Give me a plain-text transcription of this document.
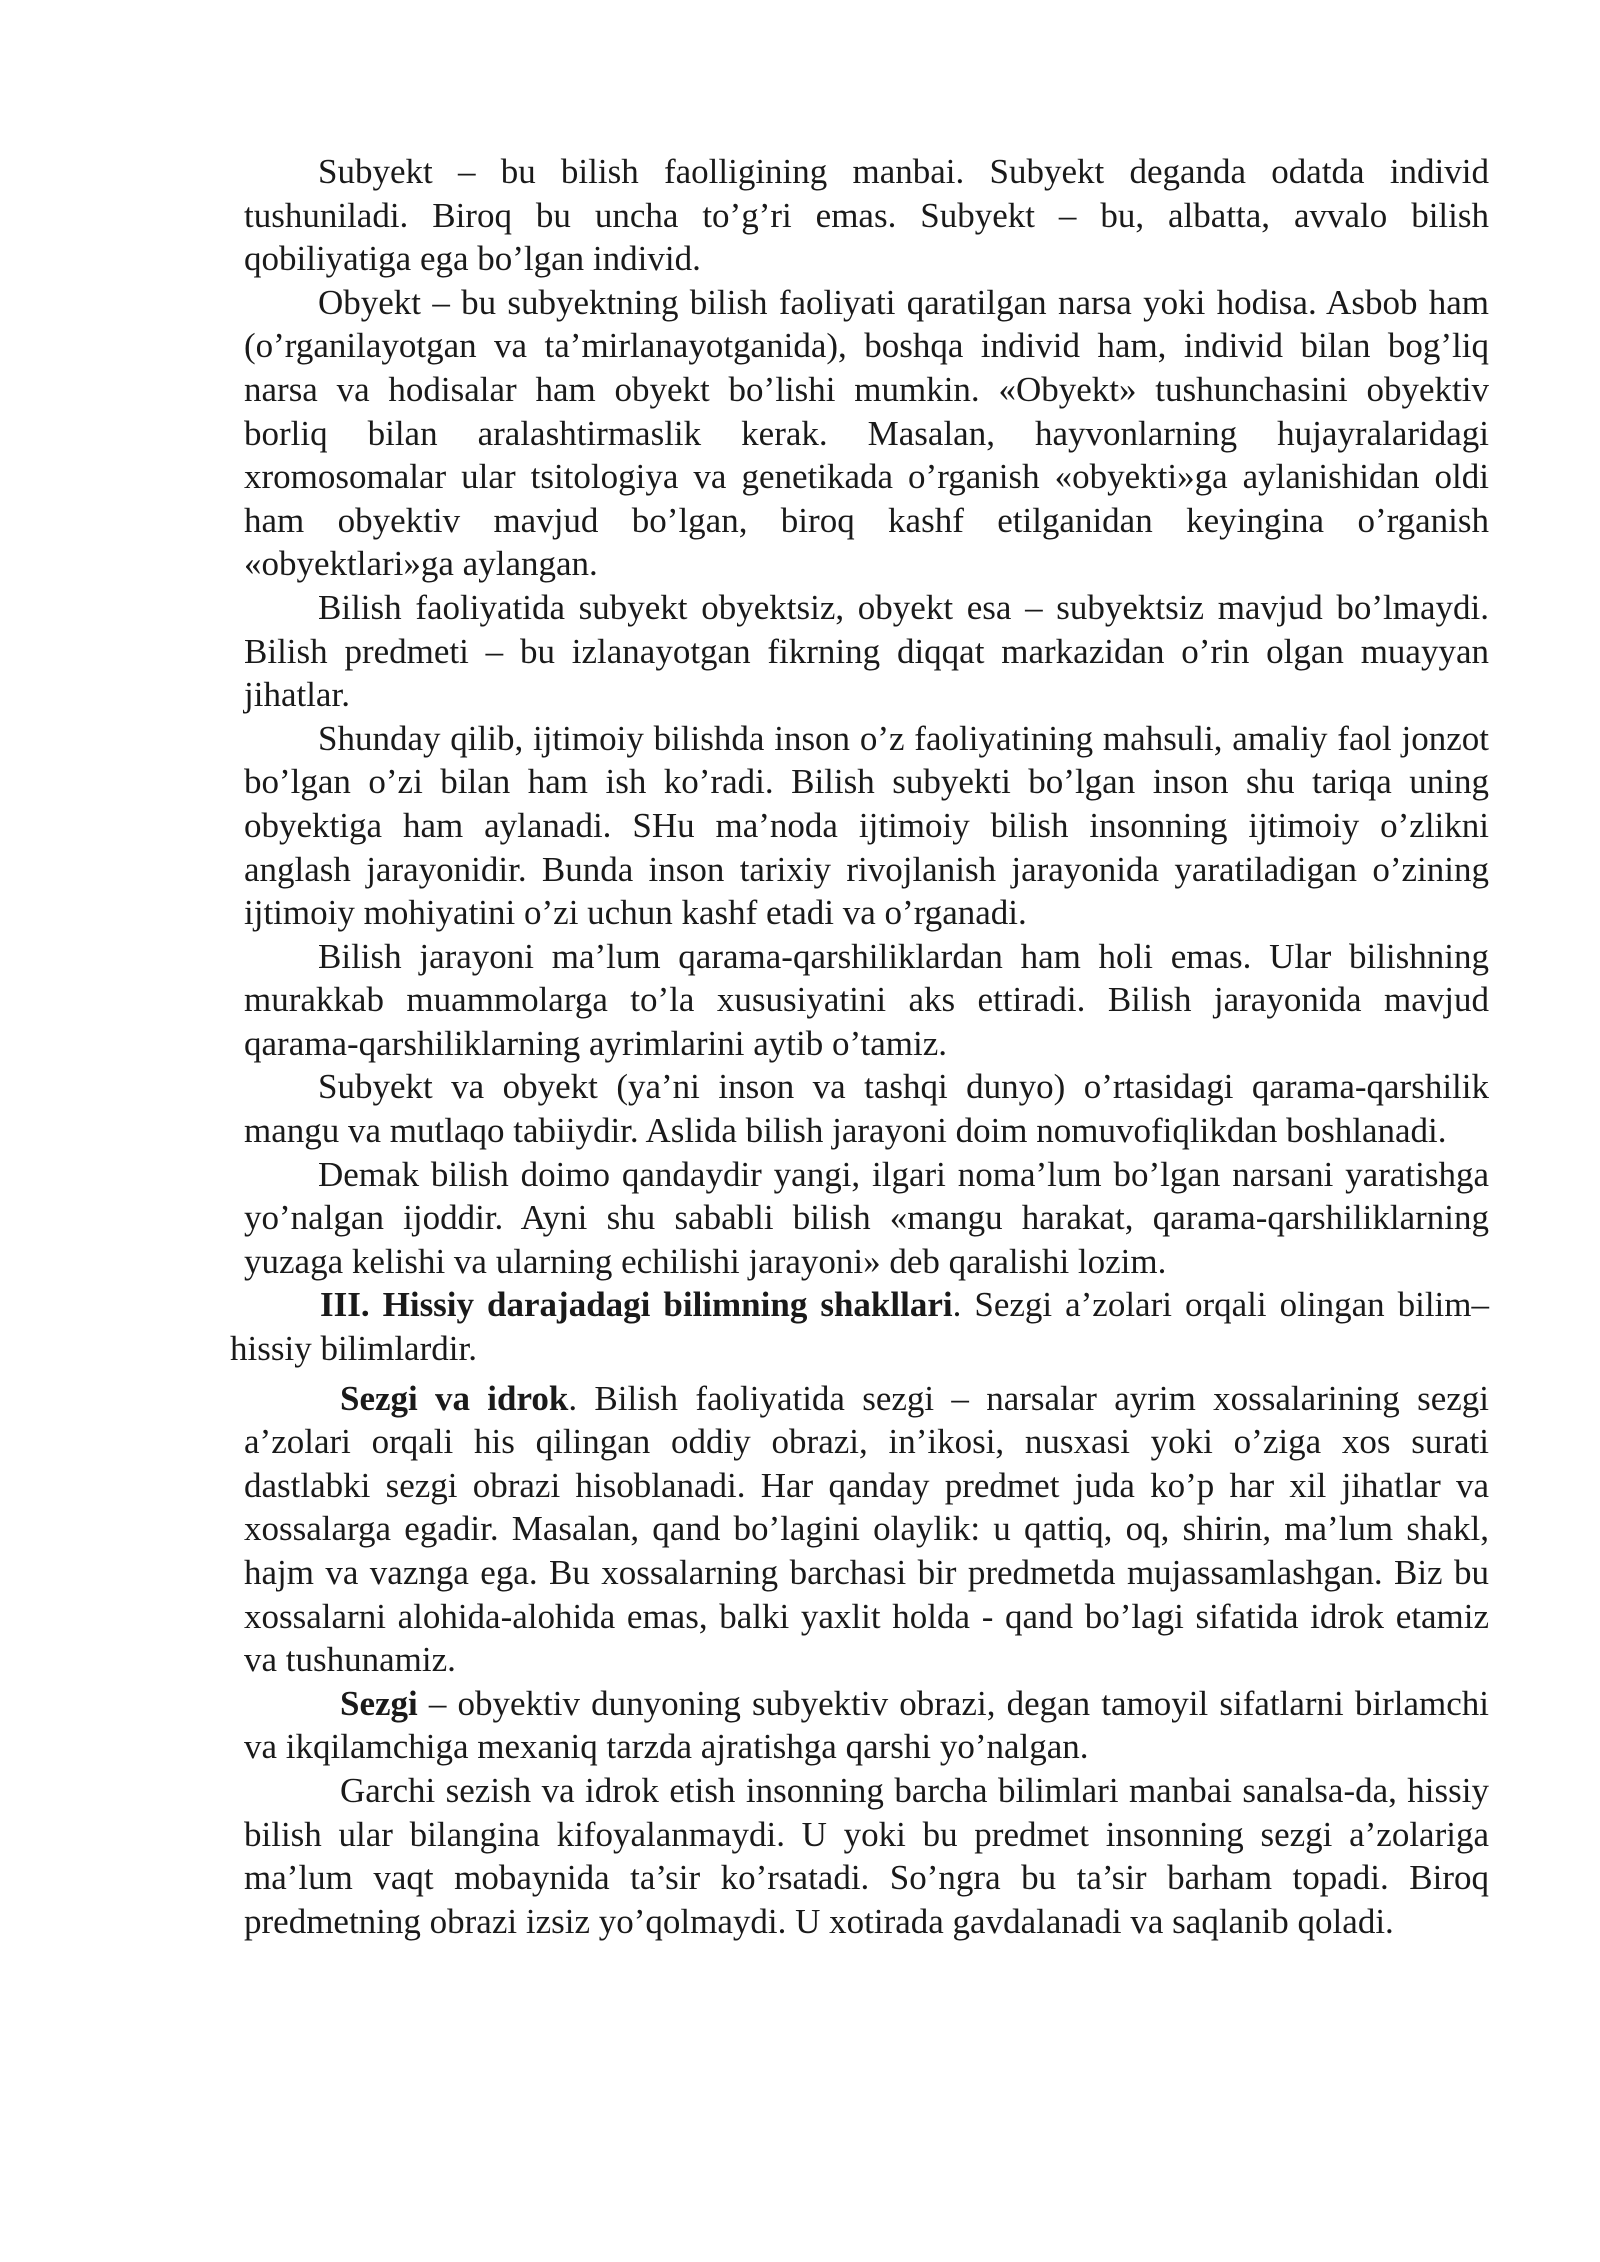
Subyekt – bu bilish faolligining manbai. Subyekt deganda odatda individ tushuniladi. Biroq bu uncha to’g’ri emas. Subyekt – bu, albatta, avvalo bilish qobiliyatiga ega bo’lgan individ.

Obyekt – bu subyektning bilish faoliyati qaratilgan narsa yoki hodisa. Asbob ham (o’rganilayotgan va ta’mirlanayotganida), boshqa individ ham, individ bilan bog’liq narsa va hodisalar ham obyekt bo’lishi mumkin. «Obyekt» tushunchasini obyektiv borliq bilan aralashtirmaslik kerak. Masalan, hayvonlarning hujayralaridagi xromosomalar ular tsitologiya va genetikada o’rganish «obyekti»ga aylanishidan oldi ham obyektiv mavjud bo’lgan, biroq kashf etilganidan keyingina o’rganish «obyektlari»ga aylangan.

Bilish faoliyatida subyekt obyektsiz, obyekt esa – subyektsiz mavjud bo’lmaydi. Bilish predmeti – bu izlanayotgan fikrning diqqat markazidan o’rin olgan muayyan jihatlar.

Shunday qilib, ijtimoiy bilishda inson o’z faoliyatining mahsuli, amaliy faol jonzot bo’lgan o’zi bilan ham ish ko’radi. Bilish subyekti bo’lgan inson shu tariqa uning obyektiga ham aylanadi. SHu ma’noda ijtimoiy bilish insonning ijtimoiy o’zlikni anglash jarayonidir. Bunda inson tarixiy rivojlanish jarayonida yaratiladigan o’zining ijtimoiy mohiyatini o’zi uchun kashf etadi va o’rganadi.

Bilish jarayoni ma’lum qarama-qarshiliklardan ham holi emas. Ular bilishning murakkab muammolarga to’la xususiyatini aks ettiradi. Bilish jarayonida mavjud qarama-qarshiliklarning ayrimlarini aytib o’tamiz.

Subyekt va obyekt (ya’ni inson va tashqi dunyo) o’rtasidagi qarama-qarshilik mangu va mutlaqo tabiiydir. Aslida bilish jarayoni doim nomuvofiqlikdan boshlanadi.

Demak bilish doimo qandaydir yangi, ilgari noma’lum bo’lgan narsani yaratishga yo’nalgan ijoddir. Ayni shu sababli bilish «mangu harakat, qarama-qarshiliklarning yuzaga kelishi va ularning echilishi jarayoni» deb qaralishi lozim.

III. Hissiy darajadagi bilimning shakllari. Sezgi a’zolari orqali olingan bilim– hissiy bilimlardir.

Sezgi va idrok. Bilish faoliyatida sezgi – narsalar ayrim xossalarining sezgi a’zolari orqali his qilingan oddiy obrazi, in’ikosi, nusxasi yoki o’ziga xos surati dastlabki sezgi obrazi hisoblanadi. Har qanday predmet juda ko’p har xil jihatlar va xossalarga egadir. Masalan, qand bo’lagini olaylik: u qattiq, oq, shirin, ma’lum shakl, hajm va vaznga ega. Bu xossalarning barchasi bir predmetda mujassamlashgan. Biz bu xossalarni alohida-alohida emas, balki yaxlit holda - qand bo’lagi sifatida idrok etamiz va tushunamiz.

Sezgi – obyektiv dunyoning subyektiv obrazi, degan tamoyil sifatlarni birlamchi va ikqilamchiga mexaniq tarzda ajratishga qarshi yo’nalgan.

Garchi sezish va idrok etish insonning barcha bilimlari manbai sanalsa-da, hissiy bilish ular bilangina kifoyalanmaydi. U yoki bu predmet insonning sezgi a’zolariga ma’lum vaqt mobaynida ta’sir ko’rsatadi. So’ngra bu ta’sir barham topadi. Biroq predmetning obrazi izsiz yo’qolmaydi. U xotirada gavdalanadi va saqlanib qoladi.
